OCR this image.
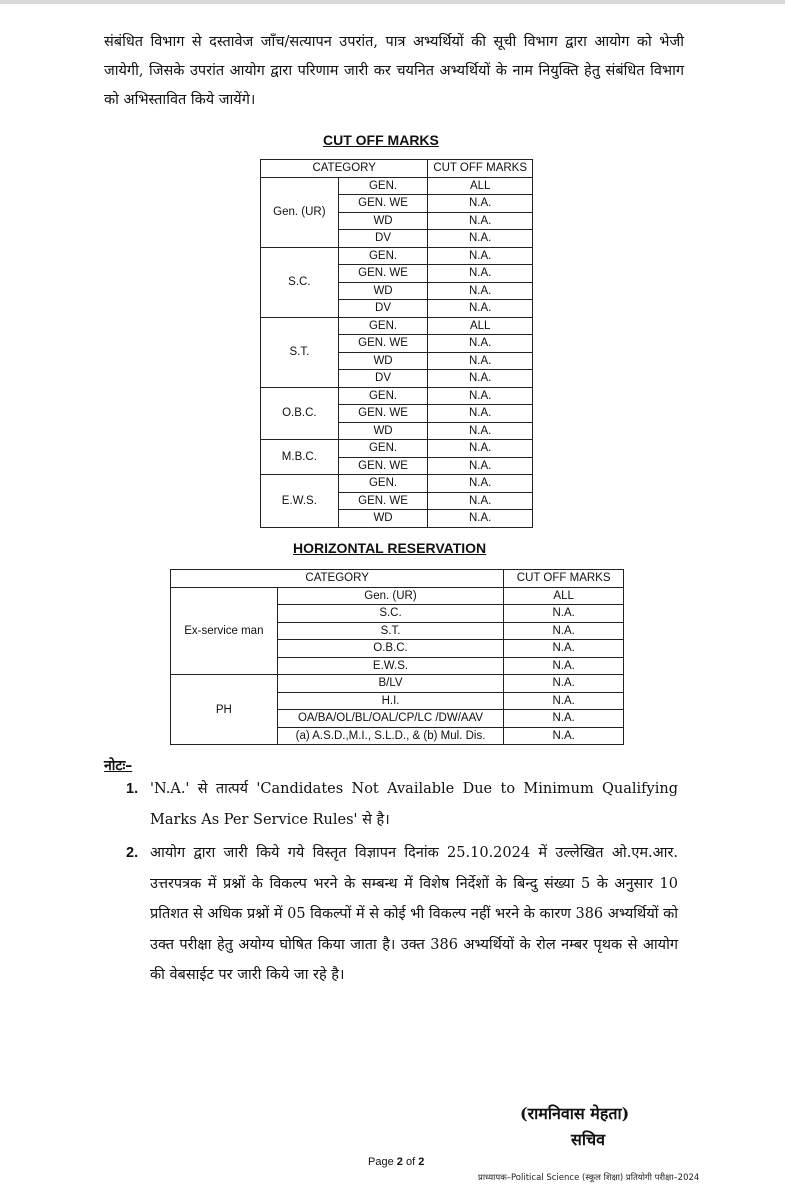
संबंधित विभाग से दस्तावेज जाँच/सत्यापन उपरांत, पात्र अभ्यर्थियों की सूची विभाग द्वारा आयोग को भेजी जायेगी, जिसके उपरांत आयोग द्वारा परिणाम जारी कर चयनित अभ्यर्थियों के नाम नियुक्ति हेतु संबंधित विभाग को अभिस्तावित किये जायेंगे।

CUT OFF MARKS
CATEGORY		CUT OFF MARKS
Gen. (UR)	GEN.	ALL
	GEN. WE	N.A.
	WD	N.A.
	DV	N.A.
S.C.	GEN.	N.A.
	GEN. WE	N.A.
	WD	N.A.
	DV	N.A.
S.T.	GEN.	ALL
	GEN. WE	N.A.
	WD	N.A.
	DV	N.A.
O.B.C.	GEN.	N.A.
	GEN. WE	N.A.
	WD	N.A.
M.B.C.	GEN.	N.A.
	GEN. WE	N.A.
E.W.S.	GEN.	N.A.
	GEN. WE	N.A.
	WD	N.A.
HORIZONTAL RESERVATION
CATEGORY		CUT OFF MARKS
Ex-service man	Gen. (UR)	ALL
	S.C.	N.A.
	S.T.	N.A.
	O.B.C.	N.A.
	E.W.S.	N.A.
PH	B/LV	N.A.
	H.I.	N.A.
	OA/BA/OL/BL/OAL/CP/LC /DW/AAV	N.A.
	(a) A.S.D.,M.I., S.L.D., & (b) Mul. Dis.	N.A.
नोटः–
1. 'N.A.' से तात्पर्य 'Candidates Not Available Due to Minimum Qualifying Marks As Per Service Rules' से है।
2. आयोग द्वारा जारी किये गये विस्तृत विज्ञापन दिनांक 25.10.2024 में उल्लेखित ओ.एम.आर. उत्तरपत्रक में प्रश्नों के विकल्प भरने के सम्बन्ध में विशेष निर्देशों के बिन्दु संख्या 5 के अनुसार 10 प्रतिशत से अधिक प्रश्नों में 05 विकल्पों में से कोई भी विकल्प नहीं भरने के कारण 386 अभ्यर्थियों को उक्त परीक्षा हेतु अयोग्य घोषित किया जाता है। उक्त 386 अभ्यर्थियों के रोल नम्बर पृथक से आयोग की वेबसाईट पर जारी किये जा रहे है।
(रामनिवास मेहता)
सचिव
Page 2 of 2
प्राध्यापक–Political Science (स्कूल शिक्षा) प्रतियोगी परीक्षा–2024
